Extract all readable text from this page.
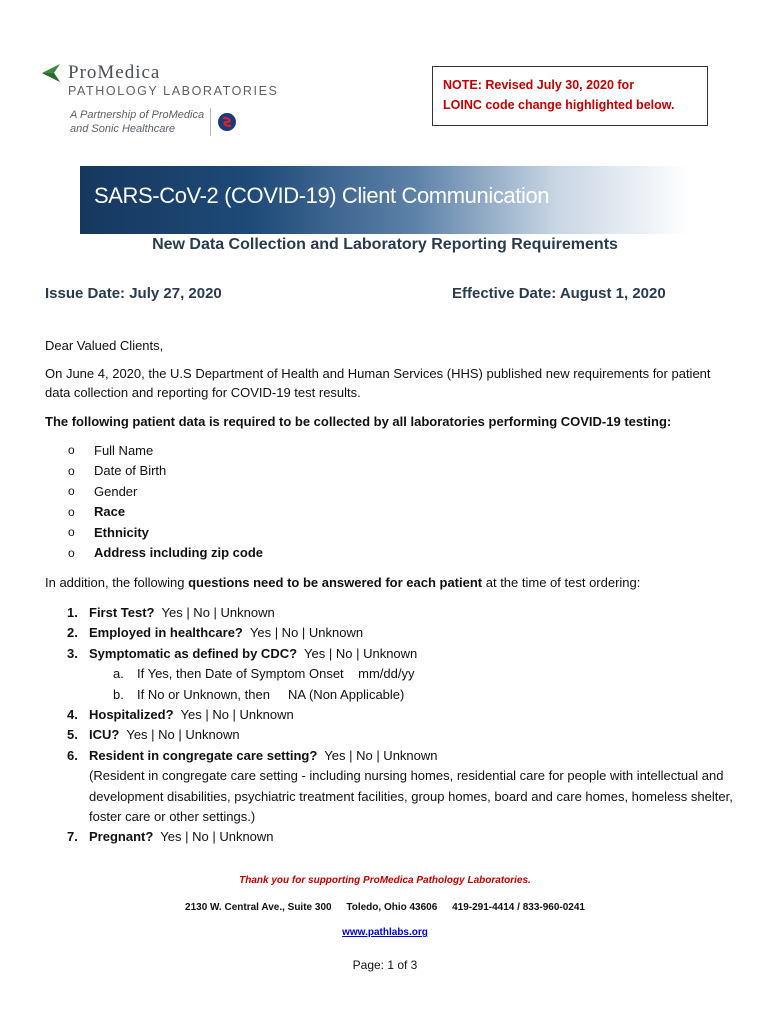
ProMedica
PATHOLOGY LABORATORIES
A Partnership of ProMedica
and Sonic Healthcare
NOTE: Revised July 30, 2020 for
LOINC code change highlighted below.
SARS-CoV-2 (COVID-19) Client Communication
New Data Collection and Laboratory Reporting Requirements
Issue Date: July 27, 2020	Effective Date: August 1, 2020
Dear Valued Clients,
On June 4, 2020, the U.S Department of Health and Human Services (HHS) published new requirements for patient data collection and reporting for COVID-19 test results.
The following patient data is required to be collected by all laboratories performing COVID-19 testing:
o	Full Name
o	Date of Birth
o	Gender
o	Race
o	Ethnicity
o	Address including zip code
In addition, the following questions need to be answered for each patient at the time of test ordering:
1. First Test? Yes | No | Unknown
2. Employed in healthcare? Yes | No | Unknown
3. Symptomatic as defined by CDC? Yes | No | Unknown
a.	If Yes, then Date of Symptom Onset    mm/dd/yy
b.	If No or Unknown, then     NA (Non Applicable)
4. Hospitalized? Yes | No | Unknown
5. ICU? Yes | No | Unknown
6. Resident in congregate care setting? Yes | No | Unknown
(Resident in congregate care setting - including nursing homes, residential care for people with intellectual and development disabilities, psychiatric treatment facilities, group homes, board and care homes, homeless shelter, foster care or other settings.)
7. Pregnant? Yes | No | Unknown
Thank you for supporting ProMedica Pathology Laboratories.
2130 W. Central Ave., Suite 300 Toledo, Ohio 43606 419-291-4414 / 833-960-0241
www.pathlabs.org
Page: 1 of 3
